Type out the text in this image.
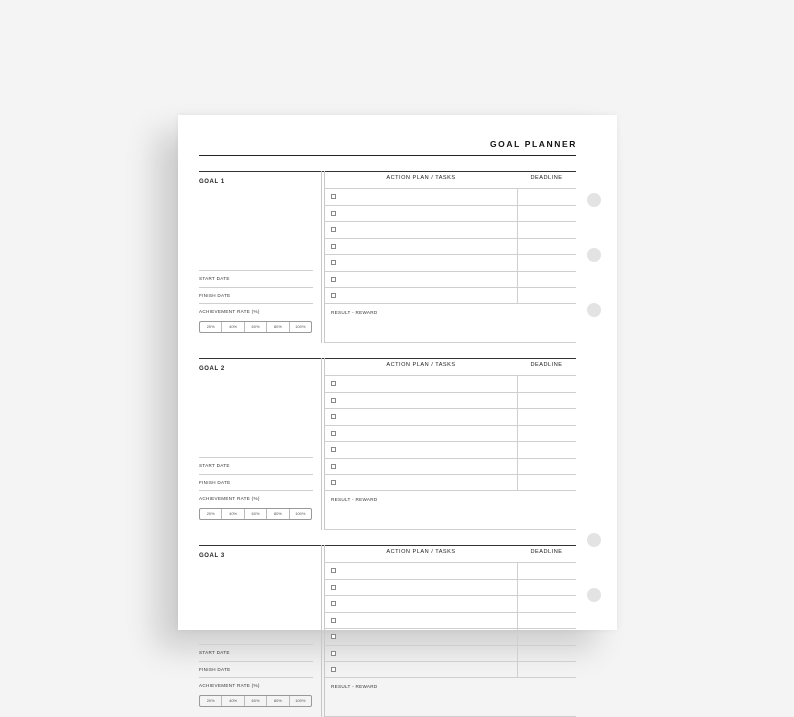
GOAL PLANNER
GOAL 1
START DATE
FINISH DATE
ACHIEVEMENT RATE (%)
20%	40%	60%	80%	100%
ACTION PLAN / TASKS	DEADLINE
RESULT - REWARD
GOAL 2
START DATE
FINISH DATE
ACHIEVEMENT RATE (%)
20%	40%	60%	80%	100%
ACTION PLAN / TASKS	DEADLINE
RESULT - REWARD
GOAL 3
START DATE
FINISH DATE
ACHIEVEMENT RATE (%)
20%	40%	60%	80%	100%
ACTION PLAN / TASKS	DEADLINE
RESULT - REWARD
